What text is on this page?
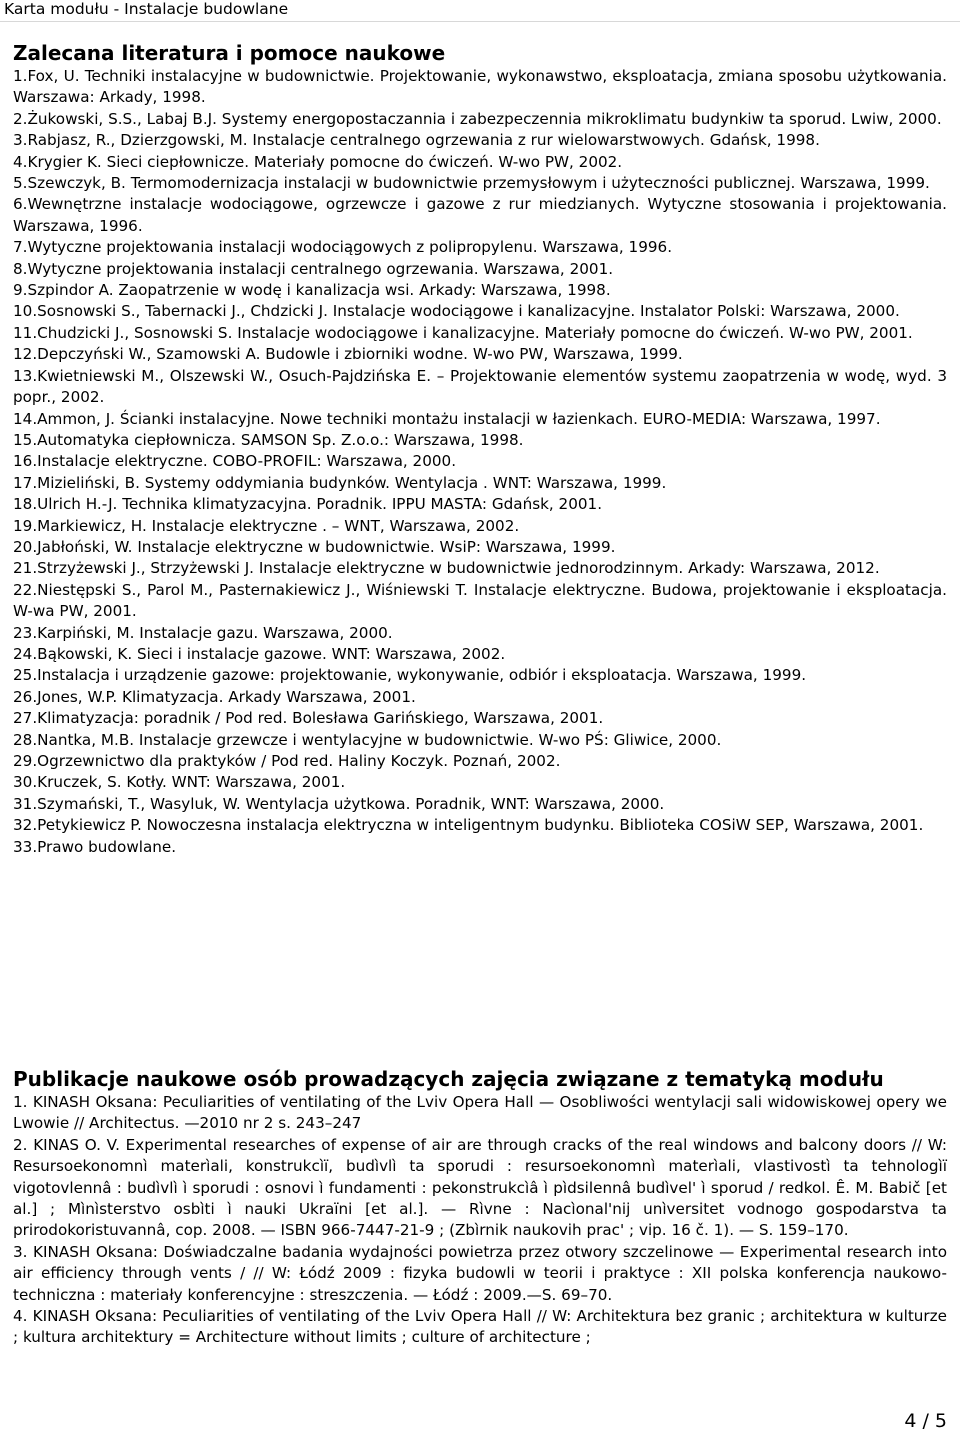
Karta modułu - Instalacje budowlane
Zalecana literatura i pomoce naukowe
1.Fox, U. Techniki instalacyjne w budownictwie. Projektowanie, wykonawstwo, eksploatacja, zmiana sposobu użytkowania. Warszawa: Arkady, 1998.
2.Żukowski, S.S., Labaj B.J. Systemy energopostaczannia i zabezpeczennia mikroklimatu budynkiw ta sporud. Lwiw, 2000.
3.Rabjasz, R., Dzierzgowski, M. Instalacje centralnego ogrzewania z rur wielowarstwowych. Gdańsk, 1998.
4.Krygier K. Sieci ciepłownicze. Materiały pomocne do ćwiczeń. W-wo PW, 2002.
5.Szewczyk, B. Termomodernizacja instalacji w budownictwie przemysłowym i użyteczności publicznej. Warszawa, 1999.
6.Wewnętrzne instalacje wodociągowe, ogrzewcze i gazowe z rur miedzianych. Wytyczne stosowania i projektowania. Warszawa, 1996.
7.Wytyczne projektowania instalacji wodociągowych z polipropylenu. Warszawa, 1996.
8.Wytyczne projektowania instalacji centralnego ogrzewania. Warszawa, 2001.
9.Szpindor A. Zaopatrzenie w wodę i kanalizacja wsi. Arkady: Warszawa, 1998.
10.Sosnowski S., Tabernacki J., Chdzicki J. Instalacje wodociągowe i kanalizacyjne. Instalator Polski: Warszawa, 2000.
11.Chudzicki J., Sosnowski S. Instalacje wodociągowe i kanalizacyjne. Materiały pomocne do ćwiczeń. W-wo PW, 2001.
12.Depczyński W., Szamowski A. Budowle i zbiorniki wodne. W-wo PW, Warszawa, 1999.
13.Kwietniewski M., Olszewski W., Osuch-Pajdzińska E. – Projektowanie elementów systemu zaopatrzenia w wodę, wyd. 3 popr., 2002.
14.Ammon, J. Ścianki instalacyjne. Nowe techniki montażu instalacji w łazienkach. EURO-MEDIA: Warszawa, 1997.
15.Automatyka ciepłownicza. SAMSON Sp. Z.o.o.: Warszawa, 1998.
16.Instalacje elektryczne. COBO-PROFIL: Warszawa, 2000.
17.Mizieliński, B. Systemy oddymiania budynków. Wentylacja . WNT: Warszawa, 1999.
18.Ulrich H.-J. Technika klimatyzacyjna. Poradnik. IPPU MASTA: Gdańsk, 2001.
19.Markiewicz, H. Instalacje elektryczne . – WNT, Warszawa, 2002.
20.Jabłoński, W. Instalacje elektryczne w budownictwie. WsiP: Warszawa, 1999.
21.Strzyżewski J., Strzyżewski J. Instalacje elektryczne w budownictwie jednorodzinnym. Arkady: Warszawa, 2012.
22.Niestępski S., Parol M., Pasternakiewicz J., Wiśniewski T. Instalacje elektryczne. Budowa, projektowanie i eksploatacja. W-wa PW, 2001.
23.Karpiński, M. Instalacje gazu. Warszawa, 2000.
24.Bąkowski, K. Sieci i instalacje gazowe. WNT: Warszawa, 2002.
25.Instalacja i urządzenie gazowe: projektowanie, wykonywanie, odbiór i eksploatacja. Warszawa, 1999.
26.Jones, W.P. Klimatyzacja. Arkady Warszawa, 2001.
27.Klimatyzacja: poradnik / Pod red. Bolesława Garińskiego, Warszawa, 2001.
28.Nantka, M.B. Instalacje grzewcze i wentylacyjne w budownictwie. W-wo PŚ: Gliwice, 2000.
29.Ogrzewnictwo dla praktyków / Pod red. Haliny Koczyk. Poznań, 2002.
30.Kruczek, S. Kotły. WNT: Warszawa, 2001.
31.Szymański, T., Wasyluk, W. Wentylacja użytkowa. Poradnik, WNT: Warszawa, 2000.
32.Petykiewicz P. Nowoczesna instalacja elektryczna w inteligentnym budynku. Biblioteka COSiW SEP, Warszawa, 2001.
33.Prawo budowlane.
Publikacje naukowe osób prowadzących zajęcia związane z tematyką modułu
1. KINASH Oksana: Peculiarities of ventilating of the Lviv Opera Hall — Osobliwości wentylacji sali widowiskowej opery we Lwowie // Architectus. —2010 nr 2 s. 243–247
2. KINAS O. V. Experimental researches of expense of air are through cracks of the real windows and balcony doors // W: Resursoekonomnì materìali, konstrukcìï, budìvlì ta sporudi : resursoekonomnì materìali, vlastivostì ta tehnologìï vigotovlennâ : budìvlì ì sporudi : osnovi ì fundamenti : pekonstrukcìâ ì pìdsilennâ budìvel' ì sporud / redkol. Ê. M. Babič [et al.] ; Mìnìsterstvo osbìti ì nauki Ukraïni [et al.]. — Rìvne : Nacìonal'nij unìversitet vodnogo gospodarstva ta prirodokoristuvannâ, cop. 2008. — ISBN 966-7447-21-9 ; (Zbìrnik naukovih prac' ; vip. 16 č. 1). — S. 159–170.
3. KINASH Oksana: Doświadczalne badania wydajności powietrza przez otwory szczelinowe — Experimental research into air efficiency through vents / // W: Łódź 2009 : fizyka budowli w teorii i praktyce : XII polska konferencja naukowo-techniczna : materiały konferencyjne : streszczenia. — Łódź : 2009.—S. 69–70.
4. KINASH Oksana: Peculiarities of ventilating of the Lviv Opera Hall // W: Architektura bez granic ; architektura w kulturze ; kultura architektury = Architecture without limits ; culture of architecture ;
4 / 5
